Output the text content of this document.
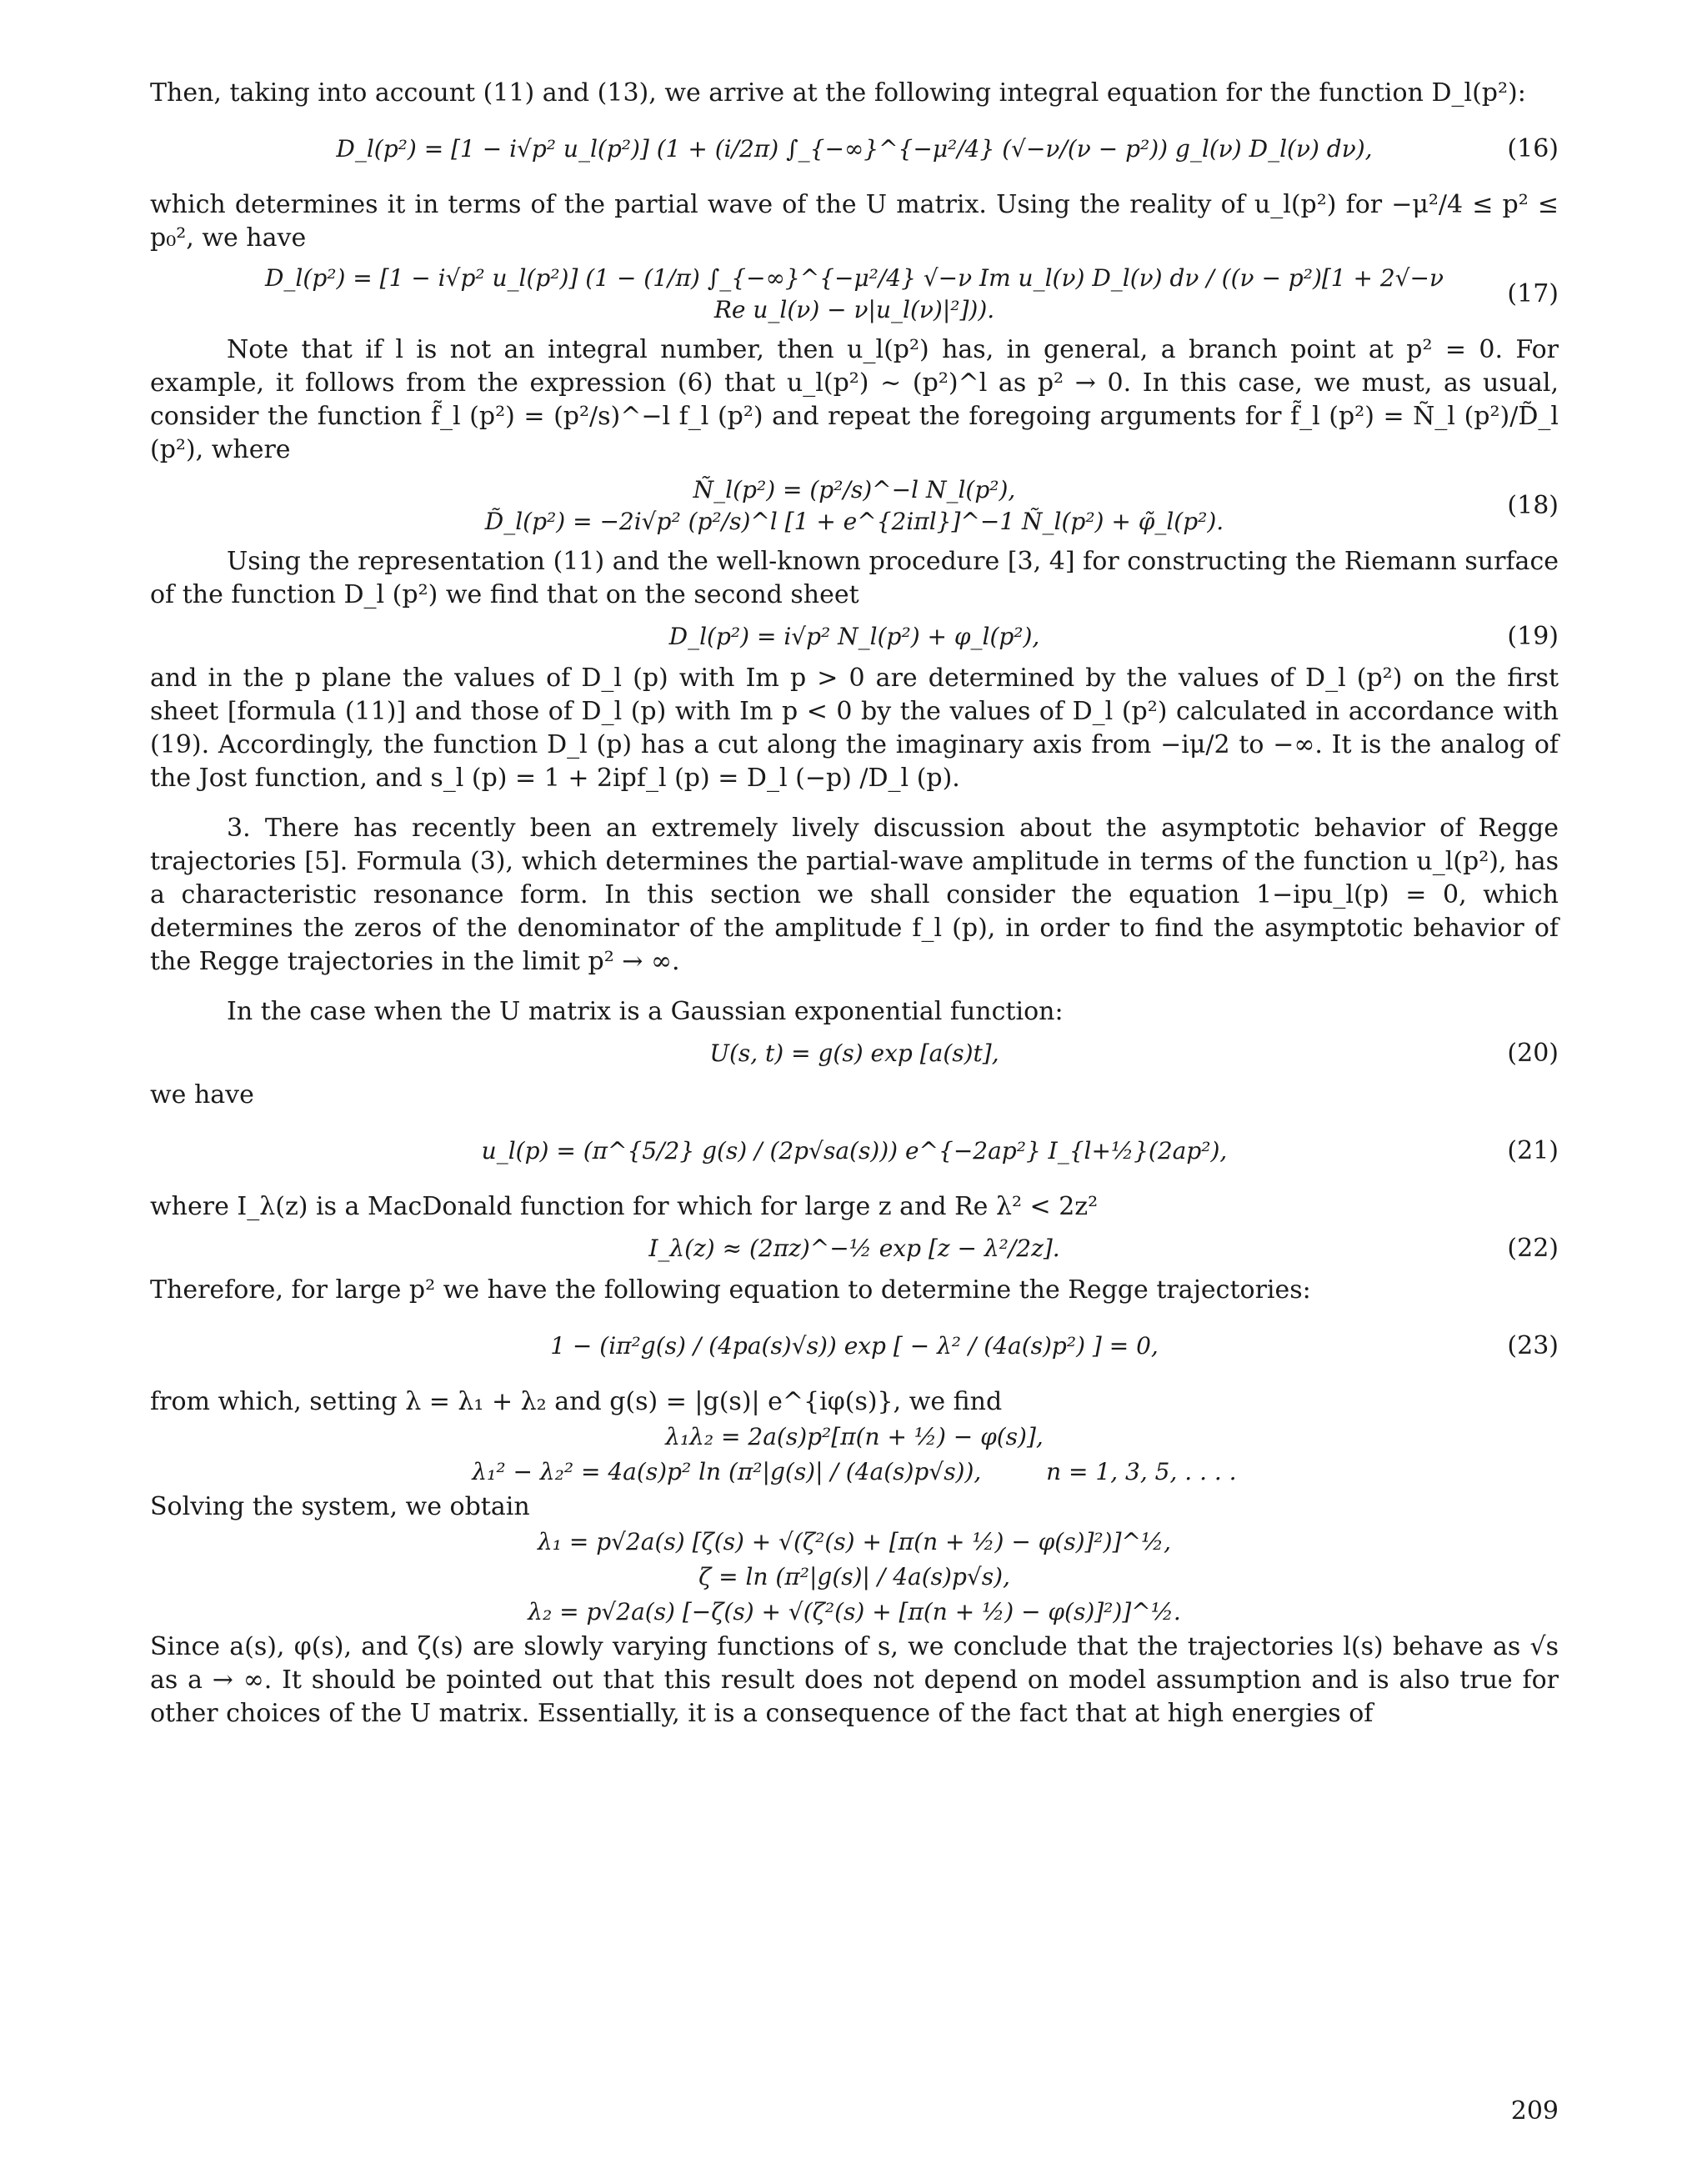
Then, taking into account (11) and (13), we arrive at the following integral equation for the function D_l(p²):

D_l(p²) = [1 − i√p² u_l(p²)] (1 + (i/2π) ∫_{−∞}^{−μ²/4} (√−ν/(ν − p²)) g_l(ν) D_l(ν) dν),	(16)

which determines it in terms of the partial wave of the U matrix. Using the reality of u_l(p²) for −μ²/4 ≤ p² ≤ p₀², we have

D_l(p²) = [1 − i√p² u_l(p²)] (1 − (1/π) ∫_{−∞}^{−μ²/4} √−ν Im u_l(ν) D_l(ν) dν / ((ν − p²)[1 + 2√−ν Re u_l(ν) − ν|u_l(ν)|²])).
(17)

Note that if l is not an integral number, then u_l(p²) has, in general, a branch point at p² = 0. For example, it follows from the expression (6) that u_l(p²) ~ (p²)^l as p² → 0. In this case, we must, as usual, consider the function f̃_l (p²) = (p²/s)^−l f_l (p²) and repeat the foregoing arguments for f̃_l (p²) = Ñ_l (p²)/D̃_l (p²), where

Ñ_l(p²) = (p²/s)^−l N_l(p²),
D̃_l(p²) = −2i√p² (p²/s)^l [1 + e^{2iπl}]^−1 Ñ_l(p²) + φ̃_l(p²).
(18)

Using the representation (11) and the well-known procedure [3, 4] for constructing the Riemann surface of the function D_l (p²) we find that on the second sheet

D_l(p²) = i√p² N_l(p²) + φ_l(p²),	(19)

and in the p plane the values of D_l (p) with Im p > 0 are determined by the values of D_l (p²) on the first sheet [formula (11)] and those of D_l (p) with Im p < 0 by the values of D_l (p²) calculated in accordance with (19). Accordingly, the function D_l (p) has a cut along the imaginary axis from −iμ/2 to −∞. It is the analog of the Jost function, and s_l (p) = 1 + 2ipf_l (p) = D_l (−p) /D_l (p).

3. There has recently been an extremely lively discussion about the asymptotic behavior of Regge trajectories [5]. Formula (3), which determines the partial-wave amplitude in terms of the function u_l(p²), has a characteristic resonance form. In this section we shall consider the equation 1−ipu_l(p) = 0, which determines the zeros of the denominator of the amplitude f_l (p), in order to find the asymptotic behavior of the Regge trajectories in the limit p² → ∞.

In the case when the U matrix is a Gaussian exponential function:

U(s, t) = g(s) exp [a(s)t],	(20)

we have

u_l(p) = (π^{5/2} g(s) / (2p√sa(s))) e^{−2ap²} I_{l+½}(2ap²),	(21)

where I_λ(z) is a MacDonald function for which for large z and Re λ² < 2z²

I_λ(z) ≈ (2πz)^−½ exp [z − λ²/2z].	(22)

Therefore, for large p² we have the following equation to determine the Regge trajectories:

1 − (iπ²g(s) / (4pa(s)√s)) exp [ − λ² / (4a(s)p²) ] = 0,	(23)

from which, setting λ = λ₁ + λ₂ and g(s) = |g(s)| e^{iφ(s)}, we find

λ₁λ₂ = 2a(s)p²[π(n + ½) − φ(s)],
λ₁² − λ₂² = 4a(s)p² ln (π²|g(s)| / (4a(s)p√s)),	n = 1, 3, 5, . . . .

Solving the system, we obtain

λ₁ = p√2a(s) [ζ(s) + √(ζ²(s) + [π(n + ½) − φ(s)]²)]^½,
ζ = ln (π²|g(s)| / 4a(s)p√s),
λ₂ = p√2a(s) [−ζ(s) + √(ζ²(s) + [π(n + ½) − φ(s)]²)]^½.

Since a(s), φ(s), and ζ(s) are slowly varying functions of s, we conclude that the trajectories l(s) behave as √s as a → ∞. It should be pointed out that this result does not depend on model assumption and is also true for other choices of the U matrix. Essentially, it is a consequence of the fact that at high energies of

209
